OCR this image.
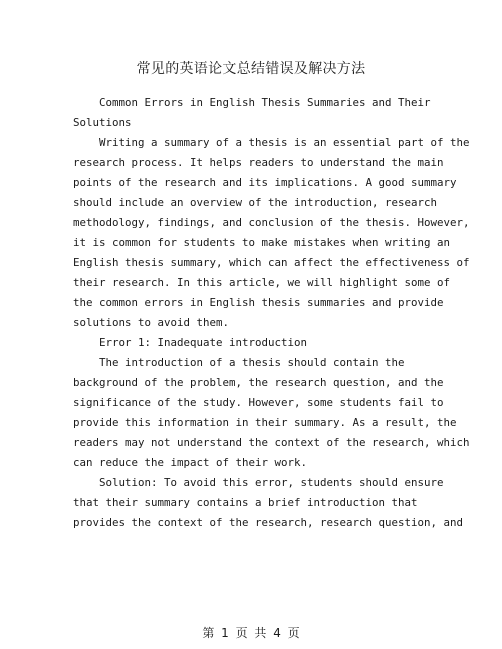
常见的英语论文总结错误及解决方法
Common Errors in English Thesis Summaries and Their
Solutions
Writing a summary of a thesis is an essential part of the
research process. It helps readers to understand the main
points of the research and its implications. A good summary
should include an overview of the introduction, research
methodology, findings, and conclusion of the thesis. However,
it is common for students to make mistakes when writing an
English thesis summary, which can affect the effectiveness of
their research. In this article, we will highlight some of
the common errors in English thesis summaries and provide
solutions to avoid them.
Error 1: Inadequate introduction
The introduction of a thesis should contain the
background of the problem, the research question, and the
significance of the study. However, some students fail to
provide this information in their summary. As a result, the
readers may not understand the context of the research, which
can reduce the impact of their work.
Solution: To avoid this error, students should ensure
that their summary contains a brief introduction that
provides the context of the research, research question, and
第 1 页 共 4 页
